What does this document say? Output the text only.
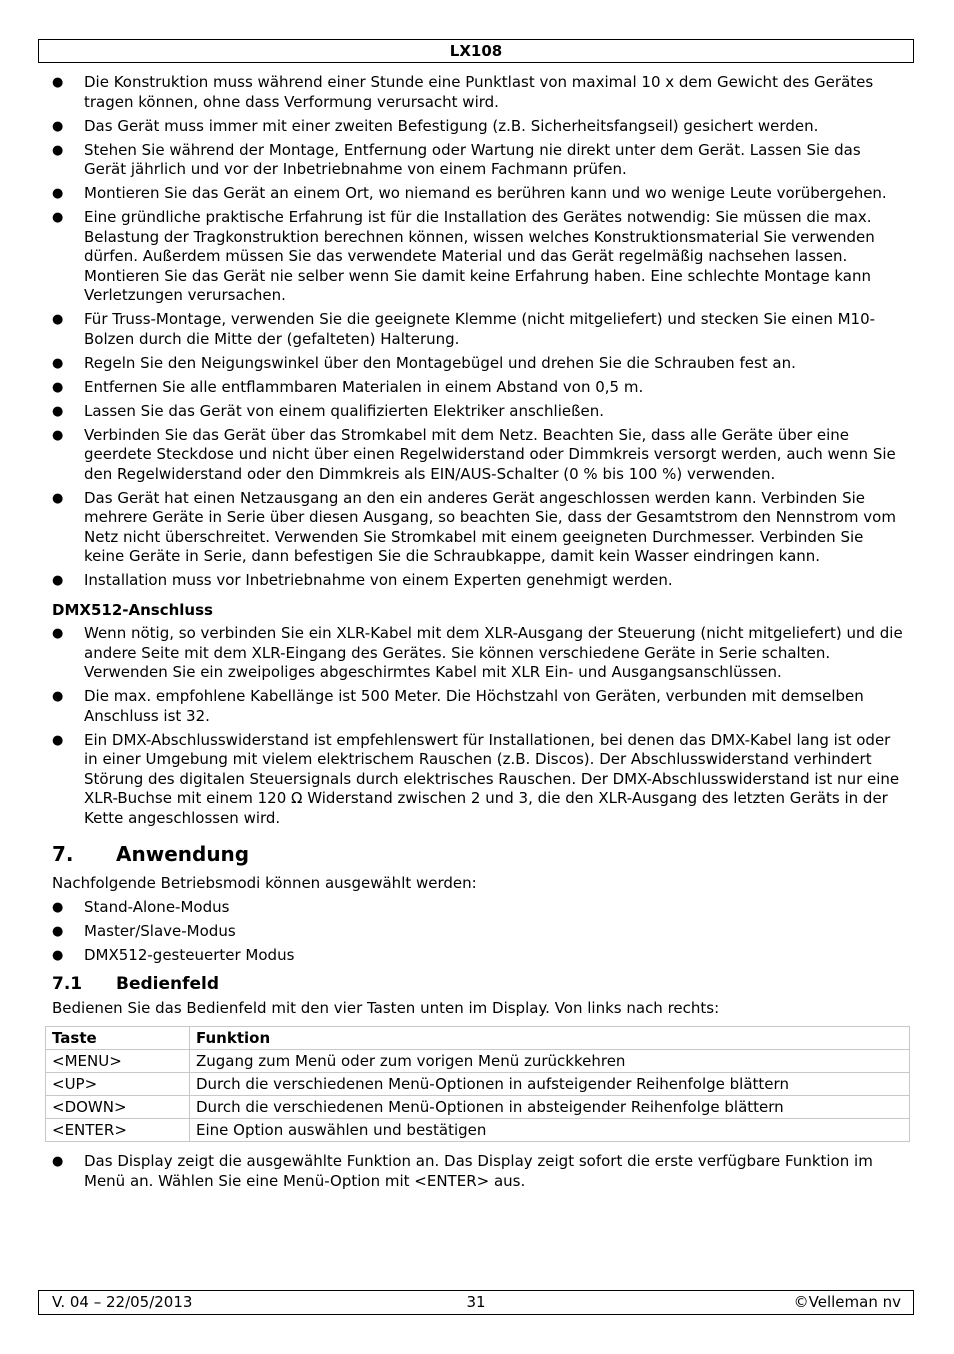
LX108
● Die Konstruktion muss während einer Stunde eine Punktlast von maximal 10 x dem Gewicht des Gerätes tragen können, ohne dass Verformung verursacht wird.
● Das Gerät muss immer mit einer zweiten Befestigung (z.B. Sicherheitsfangseil) gesichert werden.
● Stehen Sie während der Montage, Entfernung oder Wartung nie direkt unter dem Gerät. Lassen Sie das Gerät jährlich und vor der Inbetriebnahme von einem Fachmann prüfen.
● Montieren Sie das Gerät an einem Ort, wo niemand es berühren kann und wo wenige Leute vorübergehen.
● Eine gründliche praktische Erfahrung ist für die Installation des Gerätes notwendig: Sie müssen die max. Belastung der Tragkonstruktion berechnen können, wissen welches Konstruktionsmaterial Sie verwenden dürfen. Außerdem müssen Sie das verwendete Material und das Gerät regelmäßig nachsehen lassen. Montieren Sie das Gerät nie selber wenn Sie damit keine Erfahrung haben. Eine schlechte Montage kann Verletzungen verursachen.
● Für Truss-Montage, verwenden Sie die geeignete Klemme (nicht mitgeliefert) und stecken Sie einen M10-Bolzen durch die Mitte der (gefalteten) Halterung.
● Regeln Sie den Neigungswinkel über den Montagebügel und drehen Sie die Schrauben fest an.
● Entfernen Sie alle entflammbaren Materialen in einem Abstand von 0,5 m.
● Lassen Sie das Gerät von einem qualifizierten Elektriker anschließen.
● Verbinden Sie das Gerät über das Stromkabel mit dem Netz. Beachten Sie, dass alle Geräte über eine geerdete Steckdose und nicht über einen Regelwiderstand oder Dimmkreis versorgt werden, auch wenn Sie den Regelwiderstand oder den Dimmkreis als EIN/AUS-Schalter (0 % bis 100 %) verwenden.
● Das Gerät hat einen Netzausgang an den ein anderes Gerät angeschlossen werden kann. Verbinden Sie mehrere Geräte in Serie über diesen Ausgang, so beachten Sie, dass der Gesamtstrom den Nennstrom vom Netz nicht überschreitet. Verwenden Sie Stromkabel mit einem geeigneten Durchmesser. Verbinden Sie keine Geräte in Serie, dann befestigen Sie die Schraubkappe, damit kein Wasser eindringen kann.
● Installation muss vor Inbetriebnahme von einem Experten genehmigt werden.
DMX512-Anschluss
● Wenn nötig, so verbinden Sie ein XLR-Kabel mit dem XLR-Ausgang der Steuerung (nicht mitgeliefert) und die andere Seite mit dem XLR-Eingang des Gerätes. Sie können verschiedene Geräte in Serie schalten. Verwenden Sie ein zweipoliges abgeschirmtes Kabel mit XLR Ein- und Ausgangsanschlüssen.
● Die max. empfohlene Kabellänge ist 500 Meter. Die Höchstzahl von Geräten, verbunden mit demselben Anschluss ist 32.
● Ein DMX-Abschlusswiderstand ist empfehlenswert für Installationen, bei denen das DMX-Kabel lang ist oder in einer Umgebung mit vielem elektrischem Rauschen (z.B. Discos). Der Abschlusswiderstand verhindert Störung des digitalen Steuersignals durch elektrisches Rauschen. Der DMX-Abschlusswiderstand ist nur eine XLR-Buchse mit einem 120 Ω Widerstand zwischen 2 und 3, die den XLR-Ausgang des letzten Geräts in der Kette angeschlossen wird.
7. Anwendung

Nachfolgende Betriebsmodi können ausgewählt werden:

● Stand-Alone-Modus
● Master/Slave-Modus
● DMX512-gesteuerter Modus
7.1 Bedienfeld

Bedienen Sie das Bedienfeld mit den vier Tasten unten im Display. Von links nach rechts:

Taste	Funktion
<MENU>	Zugang zum Menü oder zum vorigen Menü zurückkehren
<UP>	Durch die verschiedenen Menü-Optionen in aufsteigender Reihenfolge blättern
<DOWN>	Durch die verschiedenen Menü-Optionen in absteigender Reihenfolge blättern
<ENTER>	Eine Option auswählen und bestätigen
● Das Display zeigt die ausgewählte Funktion an. Das Display zeigt sofort die erste verfügbare Funktion im Menü an. Wählen Sie eine Menü-Option mit <ENTER> aus.
31
V. 04 – 22/05/2013	©Velleman nv
